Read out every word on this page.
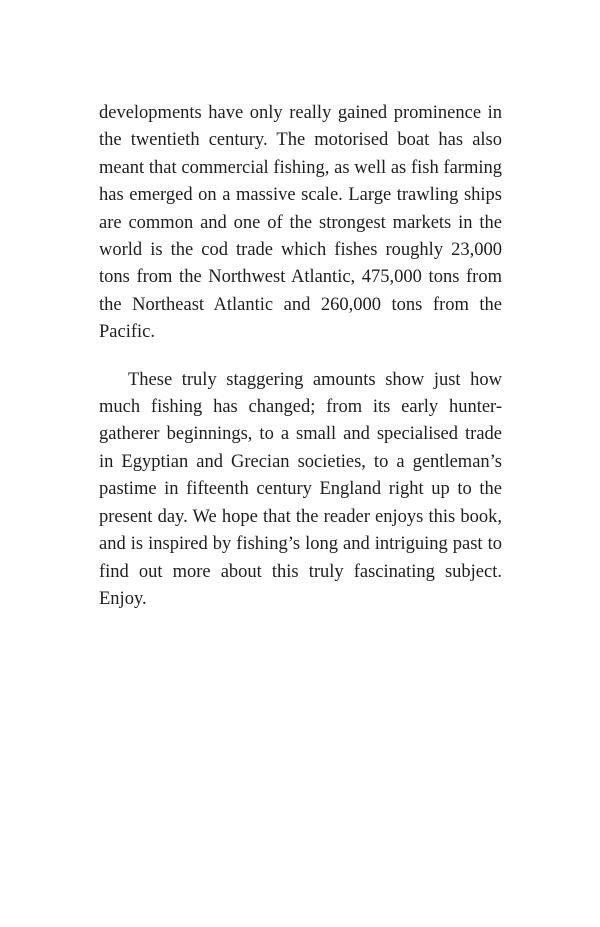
developments have only really gained prominence in the twentieth century. The motorised boat has also meant that commercial fishing, as well as fish farming has emerged on a massive scale. Large trawling ships are common and one of the strongest markets in the world is the cod trade which fishes roughly 23,000 tons from the Northwest Atlantic, 475,000 tons from the Northeast Atlantic and 260,000 tons from the Pacific.

These truly staggering amounts show just how much fishing has changed; from its early hunter-gatherer beginnings, to a small and specialised trade in Egyptian and Grecian societies, to a gentleman’s pastime in fifteenth century England right up to the present day. We hope that the reader enjoys this book, and is inspired by fishing’s long and intriguing past to find out more about this truly fascinating subject. Enjoy.
